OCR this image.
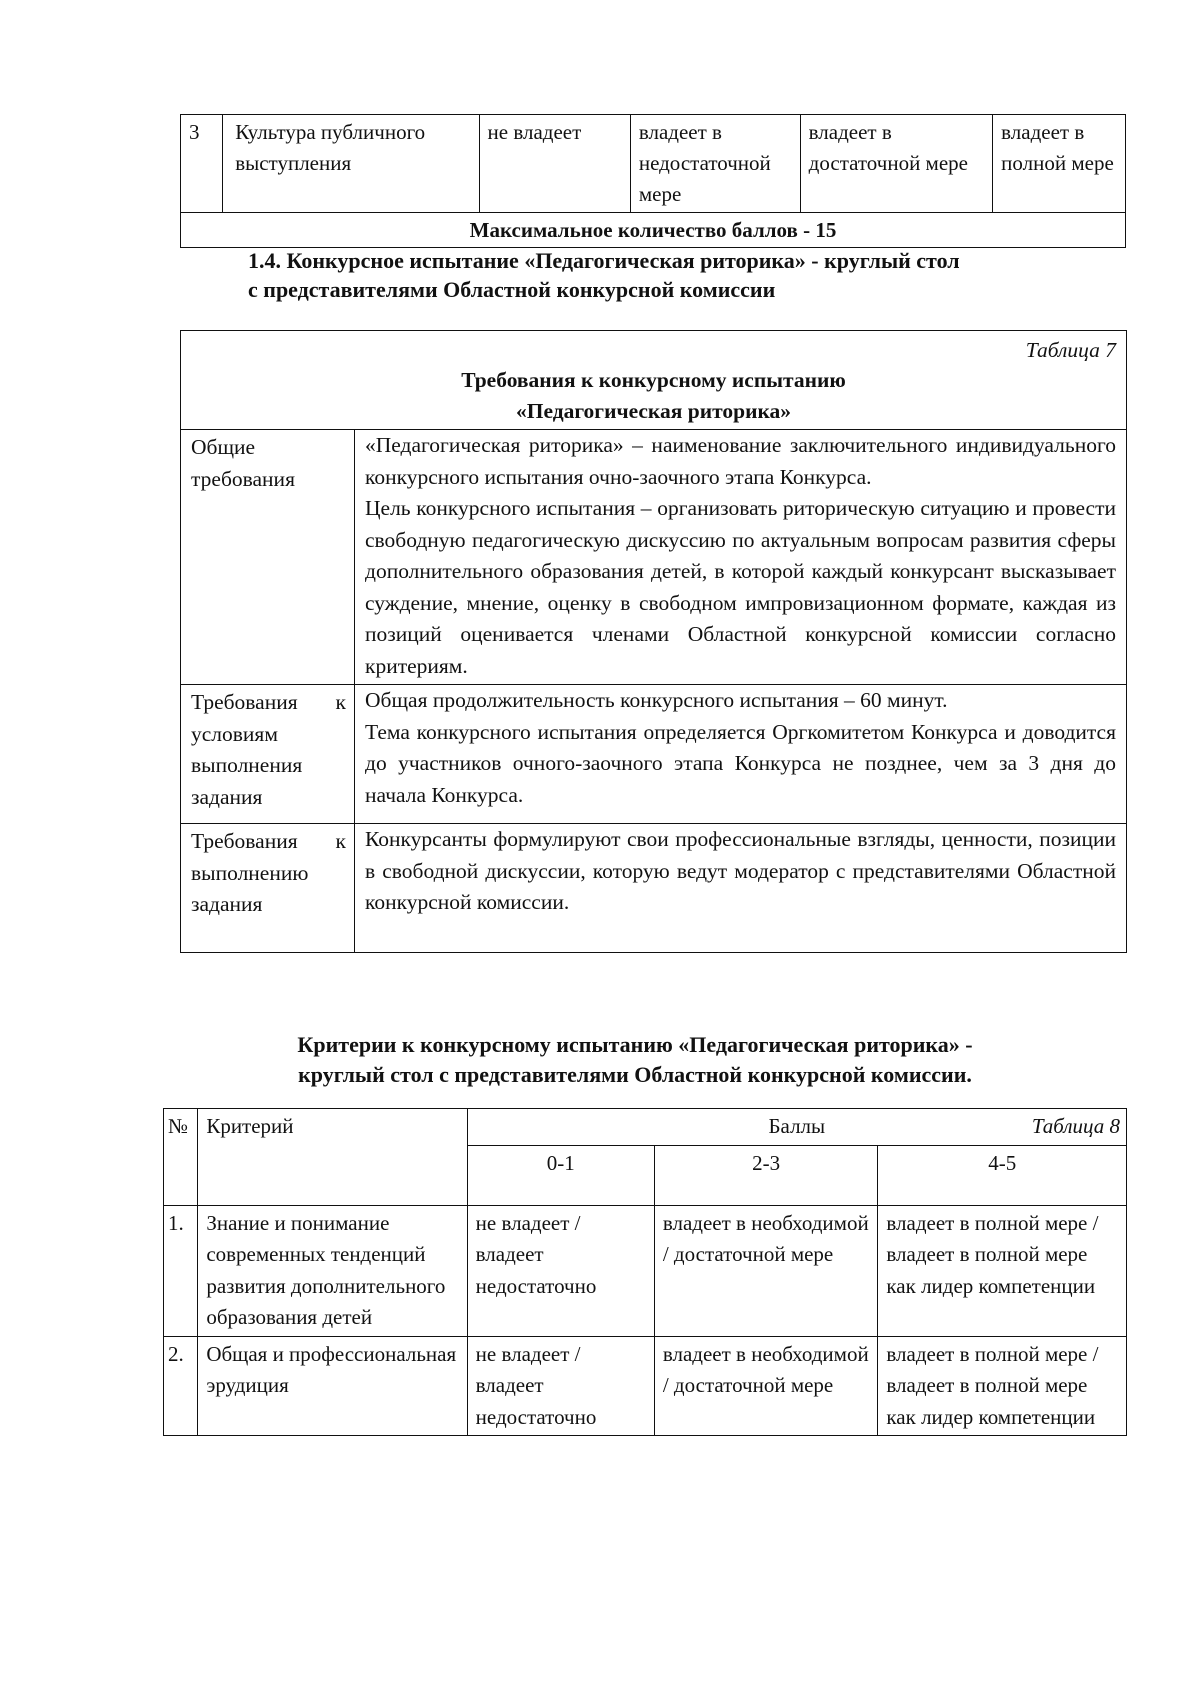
3	Культура публичного выступления	не владеет	владеет в недостаточной мере	владеет в достаточной мере	владеет в полной мере
Максимальное количество баллов - 15
1.4. Конкурсное испытание «Педагогическая риторика» - круглый стол
с представителями Областной конкурсной комиссии
Таблица 7
Требования к конкурсному испытанию
«Педагогическая риторика»	

Общие требования	«Педагогическая риторика» – наименование заключительного индивидуального конкурсного испытания очно-заочного этапа Конкурса.

Цель конкурсного испытания – организовать риторическую ситуацию и провести свободную педагогическую дискуссию по актуальным вопросам развития сферы дополнительного образования детей, в которой каждый конкурсант высказывает суждение, мнение, оценку в свободном импровизационном формате, каждая из позиций оценивается членами Областной конкурсной комиссии согласно критериям.

Требования к условиям выполнения задания	Общая продолжительность конкурсного испытания – 60 минут.

Тема конкурсного испытания определяется Оргкомитетом Конкурса и доводится до участников очного-заочного этапа Конкурса не позднее, чем за 3 дня до начала Конкурса.

Требования к выполнению задания	Конкурсанты формулируют свои профессиональные взгляды, ценности, позиции в свободной дискуссии, которую ведут модератор с представителями Областной конкурсной комиссии.

Критерии к конкурсному испытанию «Педагогическая риторика» -
круглый стол с представителями Областной конкурсной комиссии.
№	Критерий	Баллы Таблица 8		

		0-1	2-3	4-5
1.	Знание и понимание современных тенденций развития дополнительного образования детей	не владеет / владеет недостаточно	владеет в необходимой / достаточной мере	владеет в полной мере / владеет в полной мере как лидер компетенции
2.	Общая и профессиональная эрудиция	не владеет / владеет недостаточно	владеет в необходимой / достаточной мере	владеет в полной мере / владеет в полной мере как лидер компетенции
